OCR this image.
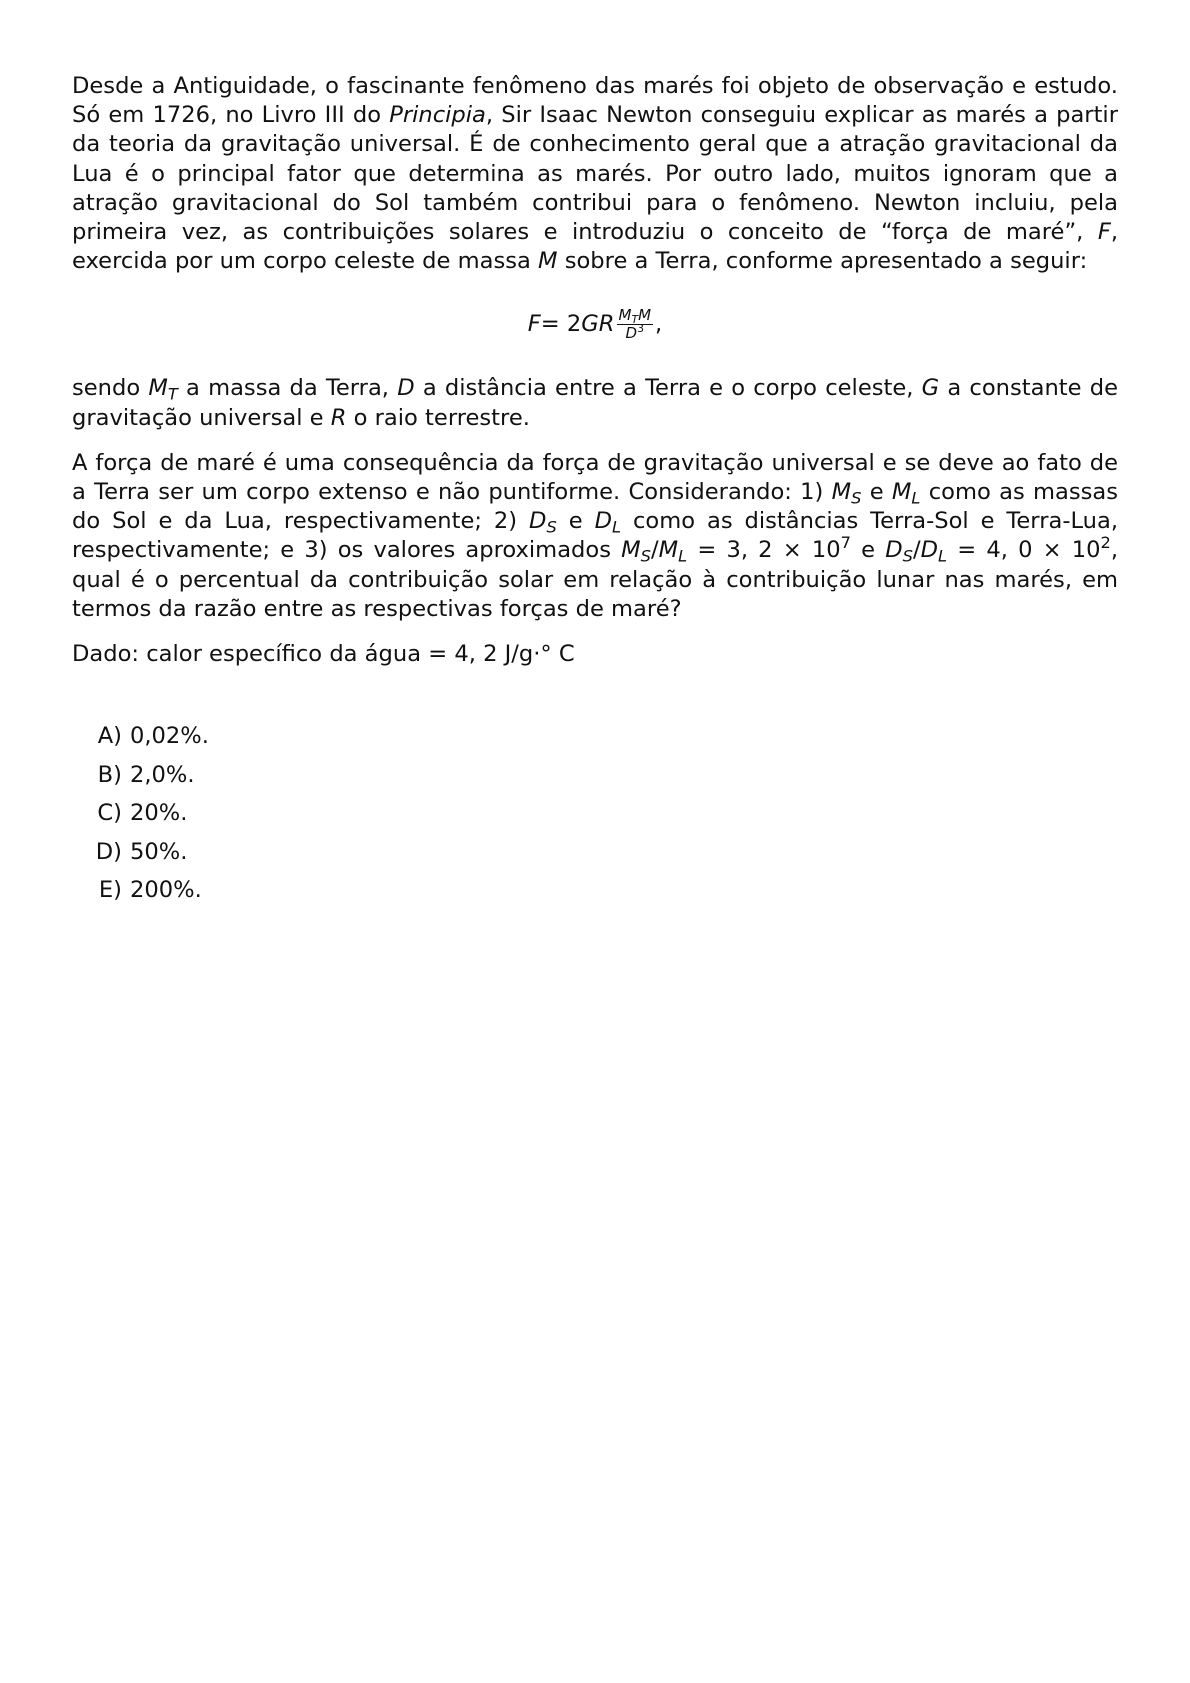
Desde a Antiguidade, o fascinante fenômeno das marés foi objeto de observação e estudo. Só em 1726, no Livro III do Principia, Sir Isaac Newton conseguiu explicar as marés a partir da teoria da gravitação universal. É de conhecimento geral que a atração gravitacional da Lua é o principal fator que determina as marés. Por outro lado, muitos ignoram que a atração gravitacional do Sol também contribui para o fenômeno. Newton incluiu, pela primeira vez, as contribuições solares e introduziu o conceito de “força de maré”, F, exercida por um corpo celeste de massa M sobre a Terra, conforme apresentado a seguir:

F = 2 G R $\frac{M_TM}{D^3}$ ,

sendo $M_T$ a massa da Terra, D a distância entre a Terra e o corpo celeste, G a constante de gravitação universal e R o raio terrestre.

A força de maré é uma consequência da força de gravitação universal e se deve ao fato de a Terra ser um corpo extenso e não puntiforme. Considerando: 1) $M_S$ e $M_L$ como as massas do Sol e da Lua, respectivamente; 2) $D_S$ e $D_L$ como as distâncias Terra-Sol e Terra-Lua, respectivamente; e 3) os valores aproximados $M_S/M_L = 3$, $2 \times 10^7$ e $D_S/D_L = 4$, $0 \times 10^2$, qual é o percentual da contribuição solar em relação à contribuição lunar nas marés, em termos da razão entre as respectivas forças de maré?

Dado: calor específico da água = 4, 2 J/g·° C

A) 0,02%.
B) 2,0%.
C) 20%.
D) 50%.
E) 200%.
